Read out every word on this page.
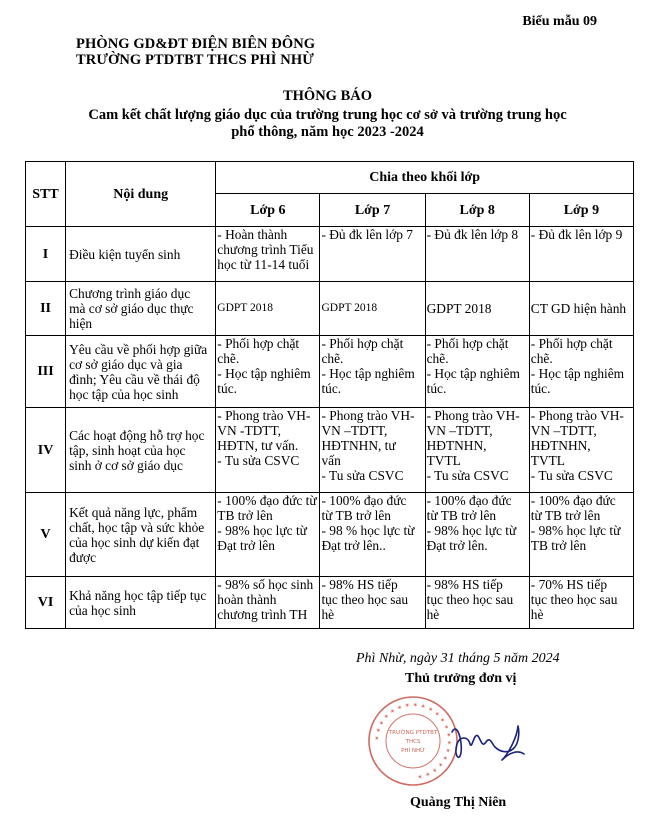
Biểu mẫu 09
PHÒNG GD&ĐT ĐIỆN BIÊN ĐÔNG
TRƯỜNG PTDTBT THCS PHÌ NHỪ
THÔNG BÁO
Cam kết chất lượng giáo dục của trường trung học cơ sở và trường trung học
phổ thông, năm học 2023 -2024
STT	Nội dung	Chia theo khối lớp			
		Lớp 6	Lớp 7	Lớp 8	Lớp 9
I	Điều kiện tuyển sinh	- Hoàn thành
chương trình Tiểu
học từ 11-14 tuổi	- Đủ đk lên lớp 7	- Đủ đk lên lớp 8	- Đủ đk lên lớp 9

II	Chương trình giáo dục
mà cơ sở giáo dục thực
hiện	GDPT 2018	GDPT 2018	GDPT 2018	CT GD hiện hành
III	Yêu cầu về phối hợp giữa
cơ sở giáo dục và gia
đình; Yêu cầu về thái độ
học tập của học sinh	- Phối hợp chặt
chẽ.
- Học tập nghiêm
túc.	- Phối hợp chặt
chẽ.
- Học tập nghiêm
túc.	- Phối hợp chặt
chẽ.
- Học tập nghiêm
túc.	- Phối hợp chặt
chẽ.
- Học tập nghiêm
túc.

IV	Các hoạt động hỗ trợ học
tập, sinh hoạt của học
sinh ở cơ sở giáo dục	- Phong trào VH-
VN -TDTT,
HĐTN, tư vấn.
- Tu sửa CSVC	- Phong trào VH-
VN –TDTT,
HĐTNHN, tư
vấn
- Tu sửa CSVC	- Phong trào VH-
VN –TDTT,
HĐTNHN,
TVTL
- Tu sửa CSVC	- Phong trào VH-
VN –TDTT,
HĐTNHN,
TVTL
- Tu sửa CSVC

V	Kết quả năng lực, phẩm
chất, học tập và sức khỏe
của học sinh dự kiến đạt
được	- 100% đạo đức từ
TB trở lên
- 98% học lực từ
Đạt trở lên	- 100% đạo đức
từ TB trở lên
- 98 % học lực từ
Đạt trở lên..	- 100% đạo đức
từ TB trở lên
- 98% học lực từ
Đạt trở lên.	- 100% đạo đức
từ TB trở lên
- 98% học lực từ
TB trở lên

VI	Khả năng học tập tiếp tục
của học sinh	- 98% số học sinh
hoàn thành
chương trình TH	- 98% HS tiếp
tục theo học sau
hè	- 98% HS tiếp
tục theo học sau
hè	- 70% HS tiếp
tục theo học sau
hè
Phì Nhừ, ngày 31 tháng 5 năm 2024
Thủ trưởng đơn vị
✶ ✶ ✶ ✶ ✶ ✶ ✶ ✶ ✶ ✶ ✶ ✶ ✶ ✶ ✶ ✶ ✶ ✶ ✶ ✶ ✶
TRƯỜNG PTDTBT
THCS
PHÌ NHỪ
Quàng Thị Niên
